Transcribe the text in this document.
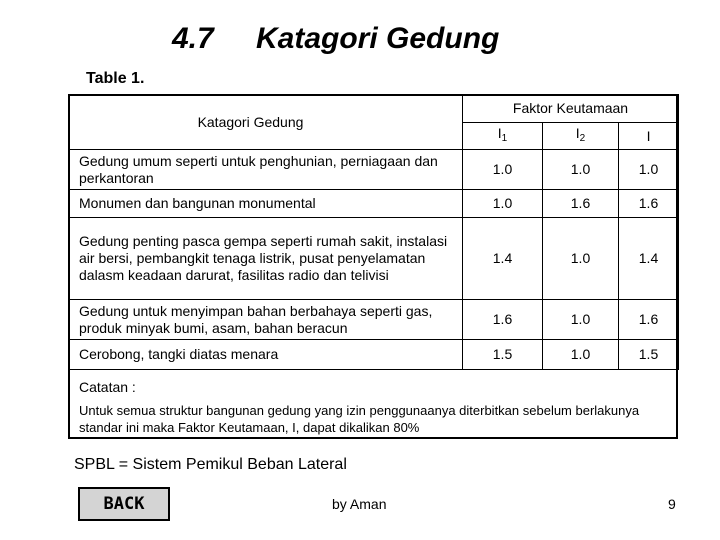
4.7 Katagori Gedung
Table 1.
Katagori Gedung	Faktor Keutamaan		
	$I_1$	$I_2$	I
Gedung umum seperti untuk penghunian, perniagaan dan perkantoran	1.0	1.0	1.0
Monumen dan bangunan monumental	1.0	1.6	1.6
Gedung penting pasca gempa seperti rumah sakit, instalasi air bersi, pembangkit tenaga listrik, pusat penyelamatan dalasm keadaan darurat, fasilitas radio dan telivisi	1.4	1.0	1.4
Gedung untuk menyimpan bahan berbahaya seperti gas, produk minyak bumi, asam, bahan beracun	1.6	1.0	1.6
Cerobong, tangki diatas menara	1.5	1.0	1.5
Catatan :
Untuk semua struktur bangunan gedung yang izin penggunaanya diterbitkan sebelum berlakunya standar ini maka Faktor Keutamaan, I, dapat dikalikan 80%
SPBL = Sistem Pemikul Beban Lateral
BACK	by Aman	9
